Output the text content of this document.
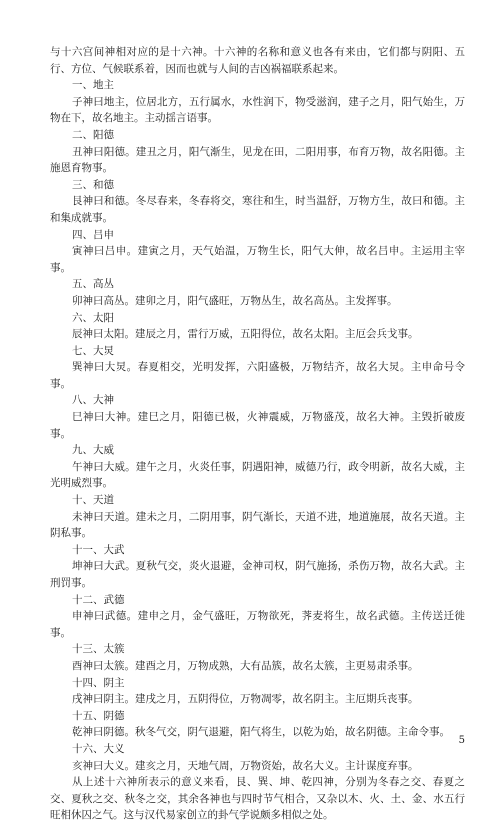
与十六宫间神相对应的是十六神。十六神的名称和意义也各有来由，它们都与阴阳、五行、方位、气候联系着，因而也就与人间的吉凶祸福联系起来。

一、地主

子神曰地主，位居北方，五行属水，水性润下，物受滋润，建子之月，阳气始生，万物在下，故名地主。主动揺言语事。

二、阳德

丑神曰阳德。建丑之月，阳气渐生，见龙在田，二阳用事，布育万物，故名阳德。主施恩育物事。

三、和德

艮神曰和德。冬尽春来，冬春将交，寒往和生，时当温舒，万物方生，故曰和德。主和集成就事。

四、吕申

寅神曰吕申。建寅之月，天气始温，万物生长，阳气大伸，故名吕申。主运用主宰事。

五、高丛

卯神曰高丛。建卯之月，阳气盛旺，万物丛生，故名高丛。主发挥事。

六、太阳

辰神曰太阳。建辰之月，雷行万威，五阳得位，故名太阳。主厄会兵戈事。

七、大炅

巽神曰大炅。春夏相交，光明发挥，六阳盛极，万物结齐，故名大炅。主申命号令事。

八、大神

巳神曰大神。建巳之月，阳德已极，火神震威，万物盛茂，故名大神。主毁折破废事。

九、大威

午神曰大威。建午之月，火炎任事，阴遇阳神，威德乃行，政令明新，故名大威，主光明威烈事。

十、天道

未神曰天道。建未之月，二阴用事，阴气渐长，天道不进，地道施展，故名天道。主阴私事。

十一、大武

坤神曰大武。夏秋气交，炎火退避，金神司权，阴气施扬，杀伤万物，故名大武。主刑罚事。

十二、武德

申神曰武德。建申之月，金气盛旺，万物欲死，荠麦将生，故名武德。主传送迁徙事。

十三、太簇

酉神曰太簇。建酉之月，万物成熟，大有品簇，故名太簇，主更易肃杀事。

十四、阴主

戌神曰阴主。建戌之月，五阴得位，万物凋零，故名阴主。主厄期兵丧事。

十五、阴德

乾神曰阴德。秋冬气交，阴气退避，阳气将生，以乾为始，故名阴德。主命令事。

十六、大义

亥神曰大义。建亥之月，天地气周，万物资始，故名大义。主计谋度弃事。

从上述十六神所表示的意义来看，艮、巽、坤、乾四神，分别为冬春之交、春夏之交、夏秋之交、秋冬之交，其余各神也与四时节气相合，又杂以木、火、土、金、水五行旺相休囚之气。这与汉代易家创立的卦气学说颇多相似之处。

5
